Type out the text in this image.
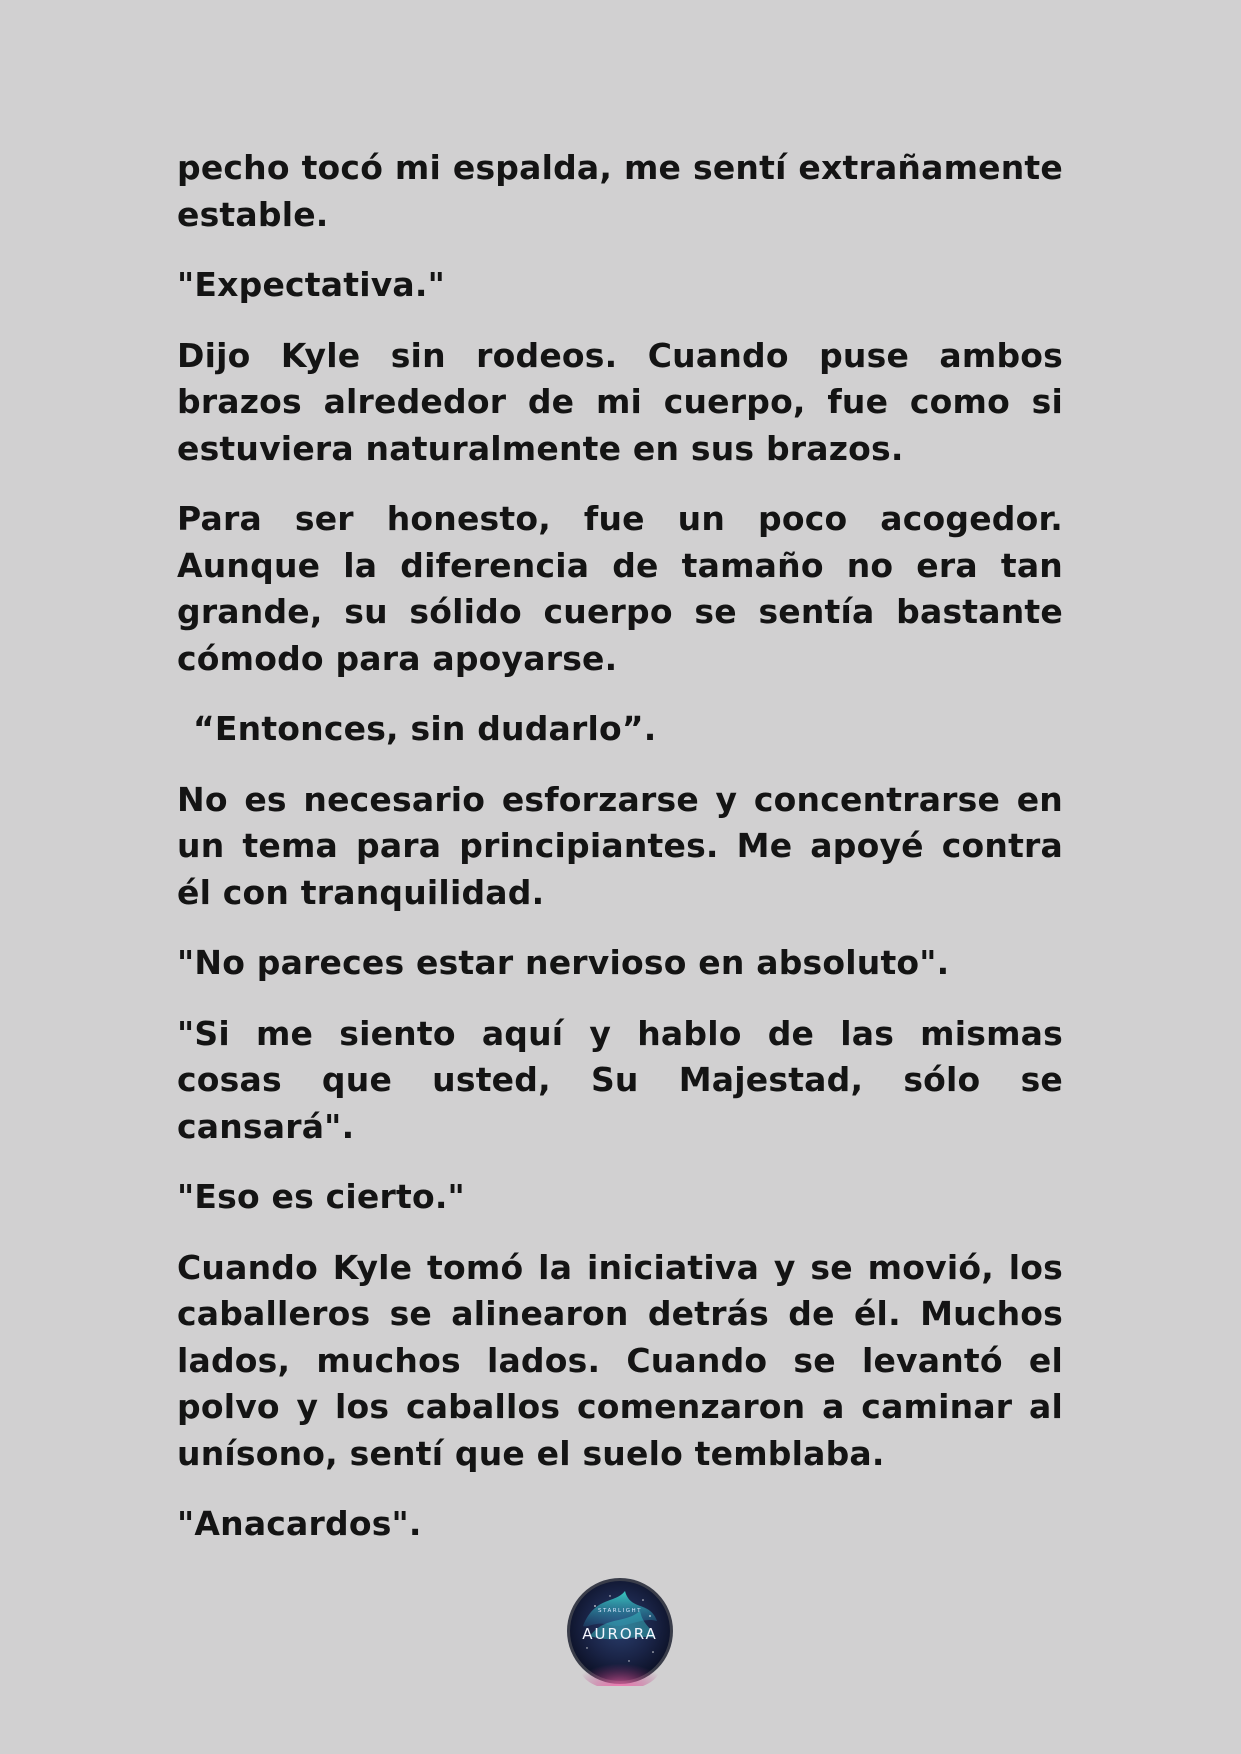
pecho tocó mi espalda, me sentí extrañamente estable.

"Expectativa."

Dijo Kyle sin rodeos. Cuando puse ambos brazos alrededor de mi cuerpo, fue como si estuviera naturalmente en sus brazos.

Para ser honesto, fue un poco acogedor. Aunque la diferencia de tamaño no era tan grande, su sólido cuerpo se sentía bastante cómodo para apoyarse.

“Entonces, sin dudarlo”.

No es necesario esforzarse y concentrarse en un tema para principiantes. Me apoyé contra él con tranquilidad.

"No pareces estar nervioso en absoluto".

"Si me siento aquí y hablo de las mismas cosas que usted, Su Majestad, sólo se cansará".

"Eso es cierto."

Cuando Kyle tomó la iniciativa y se movió, los caballeros se alinearon detrás de él. Muchos lados, muchos lados. Cuando se levantó el polvo y los caballos comenzaron a caminar al unísono, sentí que el suelo temblaba.

"Anacardos".

STARLIGHT
AURORA
